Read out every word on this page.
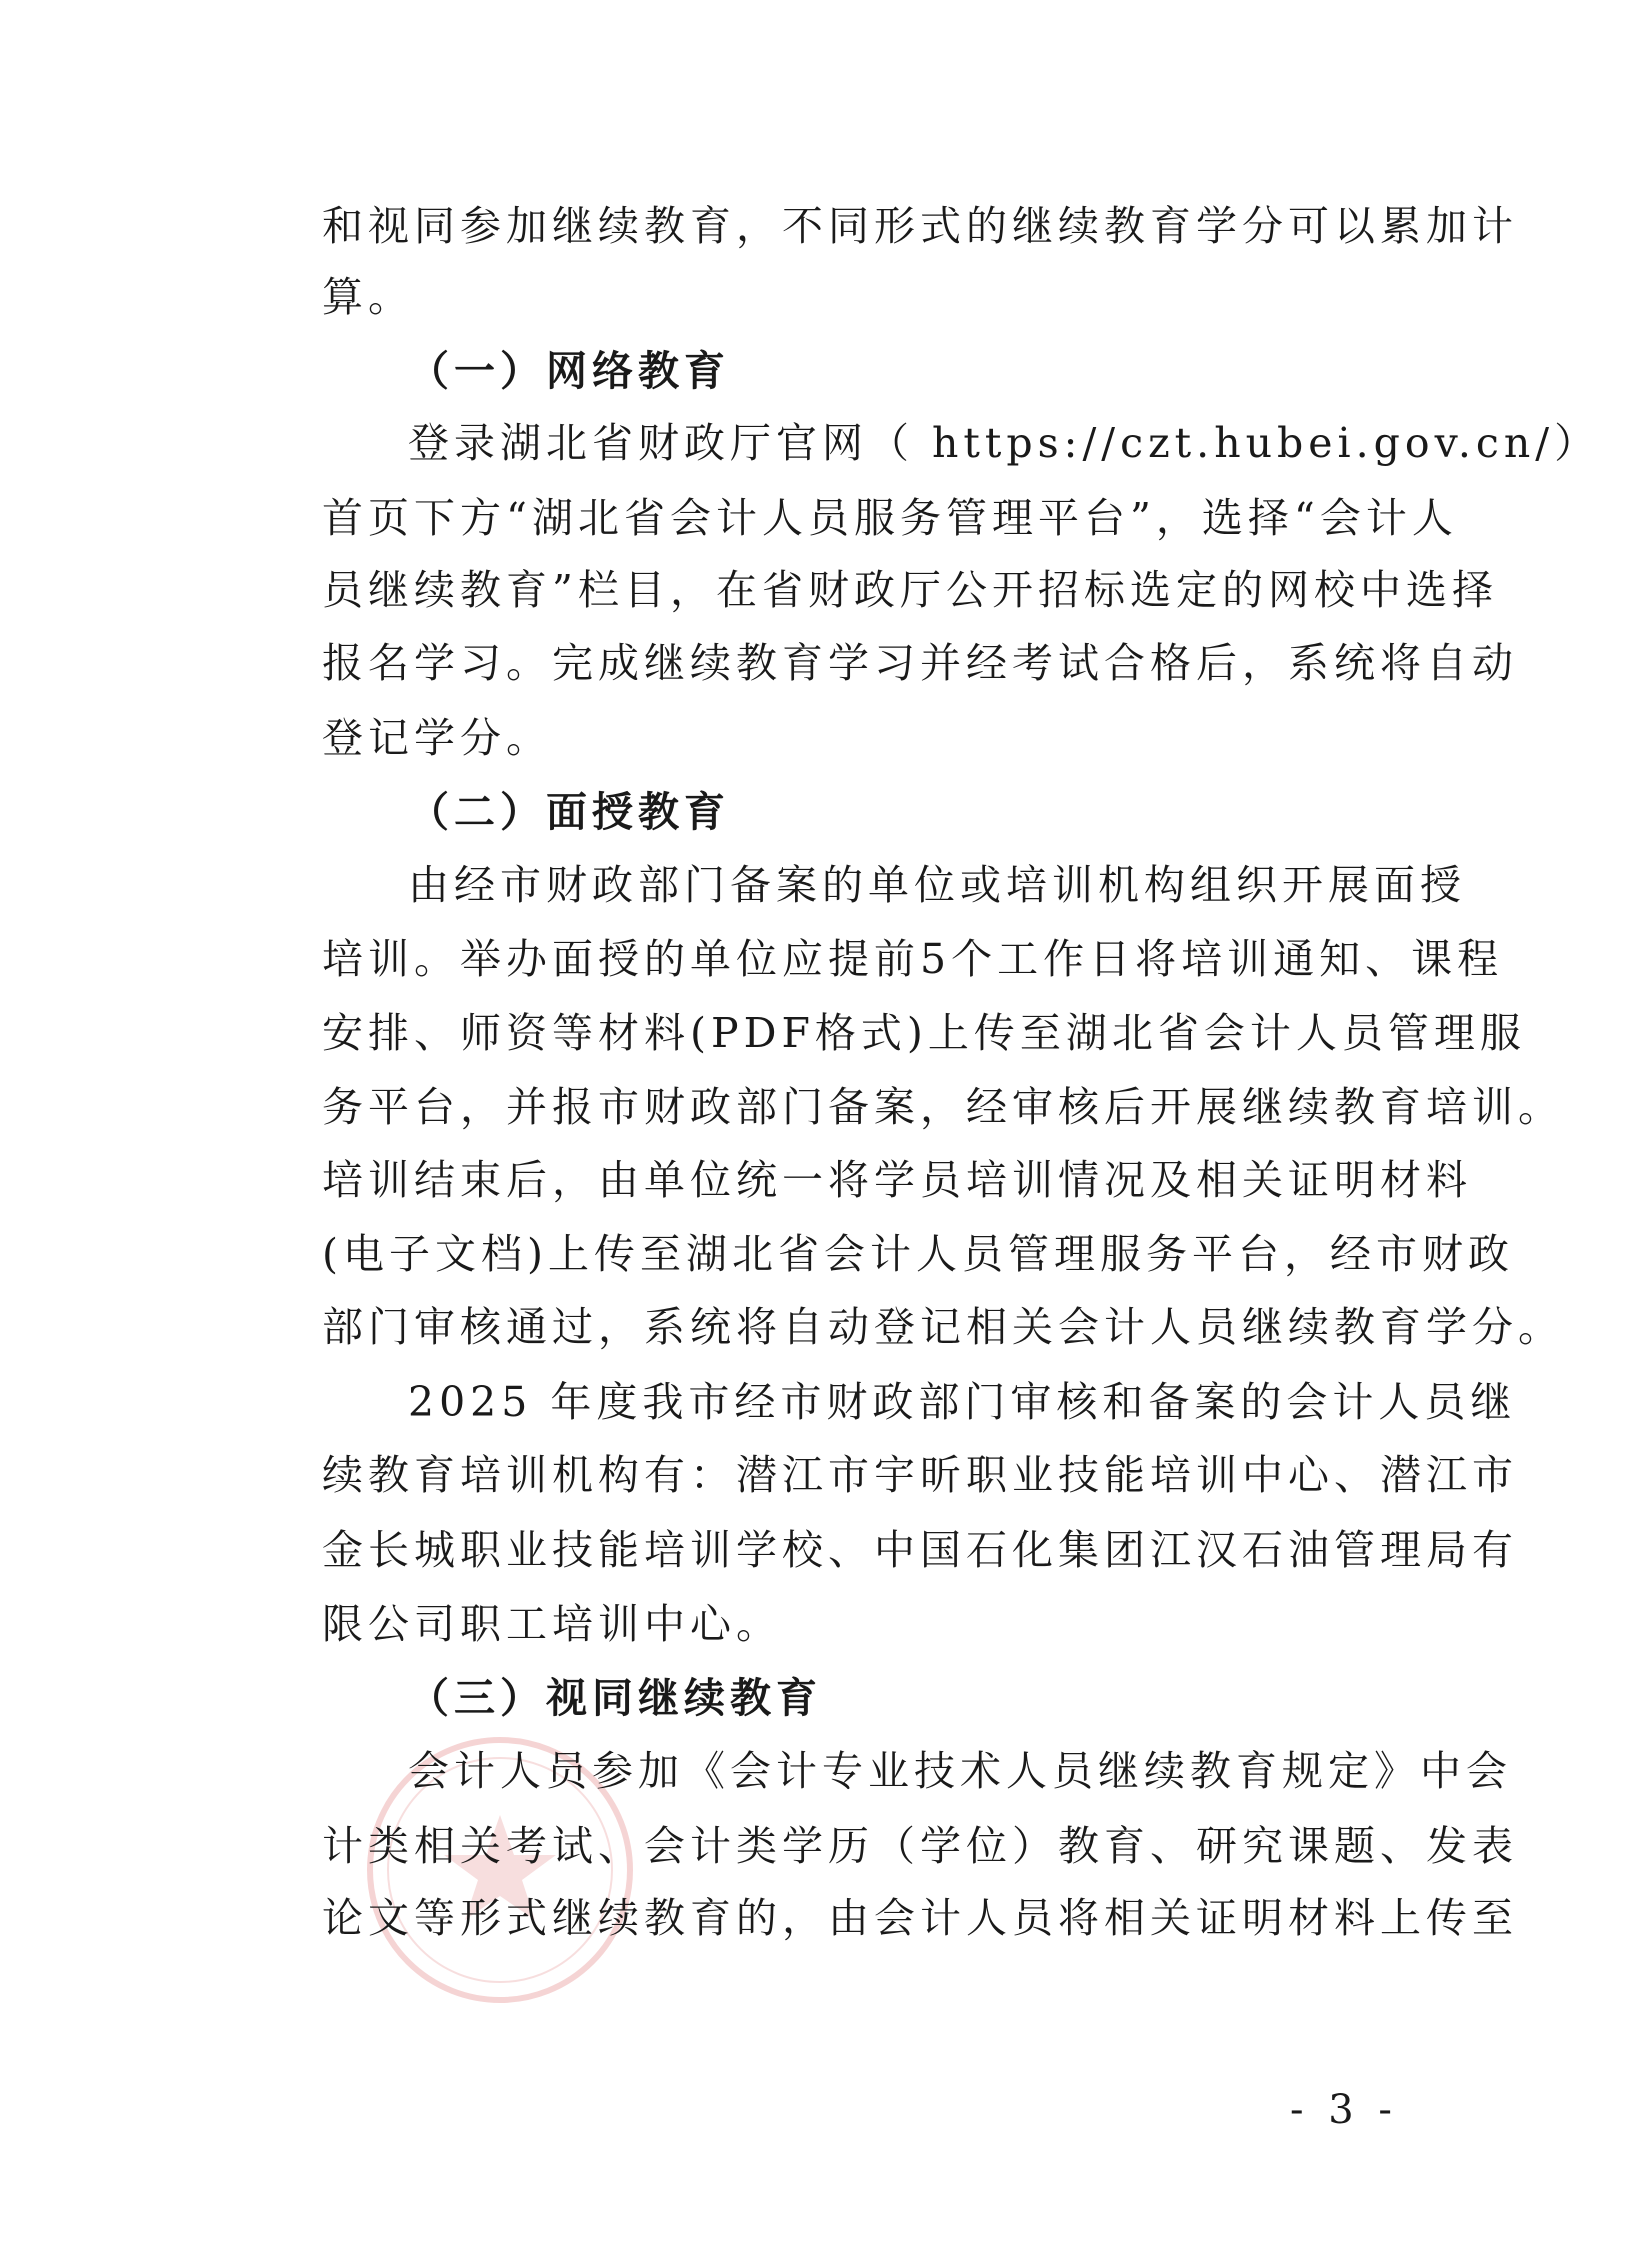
和视同参加继续教育，不同形式的继续教育学分可以累加计
算。
（一）网络教育
登录湖北省财政厅官网（ https://czt.hubei.gov.cn/）
首页下方“湖北省会计人员服务管理平台”，选择“会计人
员继续教育”栏目，在省财政厅公开招标选定的网校中选择
报名学习。完成继续教育学习并经考试合格后，系统将自动
登记学分。
（二）面授教育
由经市财政部门备案的单位或培训机构组织开展面授
培训。举办面授的单位应提前5个工作日将培训通知、课程
安排、师资等材料(PDF格式)上传至湖北省会计人员管理服
务平台，并报市财政部门备案，经审核后开展继续教育培训。
培训结束后，由单位统一将学员培训情况及相关证明材料
(电子文档)上传至湖北省会计人员管理服务平台，经市财政
部门审核通过，系统将自动登记相关会计人员继续教育学分。
2025 年度我市经市财政部门审核和备案的会计人员继
续教育培训机构有：潜江市宇昕职业技能培训中心、潜江市
金长城职业技能培训学校、中国石化集团江汉石油管理局有
限公司职工培训中心。
（三）视同继续教育
会计人员参加《会计专业技术人员继续教育规定》中会
计类相关考试、会计类学历（学位）教育、研究课题、发表
论文等形式继续教育的，由会计人员将相关证明材料上传至
- 3 -
